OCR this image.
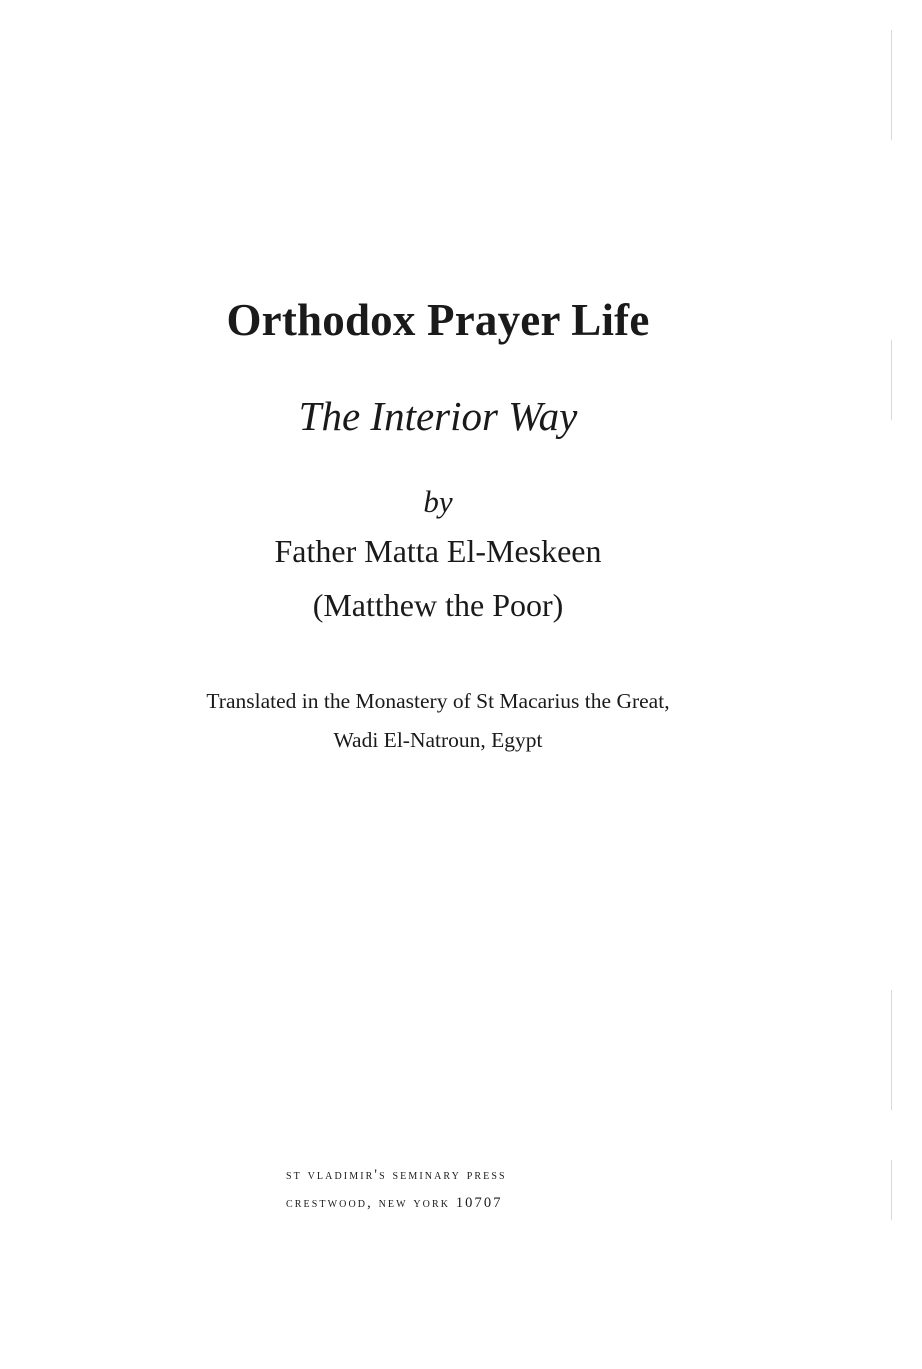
Orthodox Prayer Life
The Interior Way
by
Father Matta El-Meskeen
(Matthew the Poor)
Translated in the Monastery of St Macarius the Great,
Wadi El-Natroun, Egypt
st vladimir's seminary press
crestwood, new york 10707
